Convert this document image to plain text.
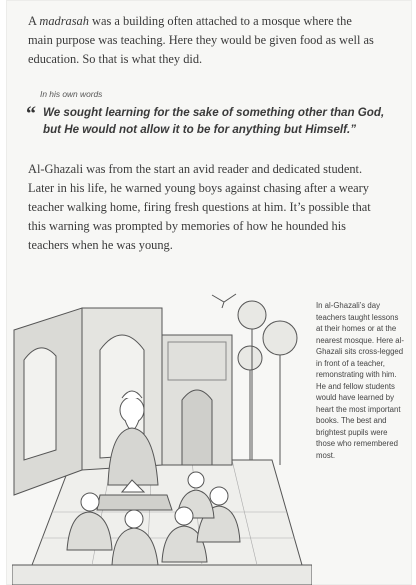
A madrasah was a building often attached to a mosque where the main purpose was teaching. Here they would be given food as well as education. So that is what they did.

In his own words
“ We sought learning for the sake of something other than God, but He would not allow it to be for anything but Himself.”

Al-Ghazali was from the start an avid reader and dedicated student. Later in his life, he warned young boys against chasing after a weary teacher walking home, firing fresh questions at him. It’s possible that this warning was prompted by memories of how he hounded his teachers when he was young.

In al-Ghazali’s day teachers taught lessons at their homes or at the nearest mosque. Here al-Ghazali sits cross-legged in front of a teacher, remonstrating with him. He and fellow students would have learned by heart the most important books. The best and brightest pupils were those who remembered most.
